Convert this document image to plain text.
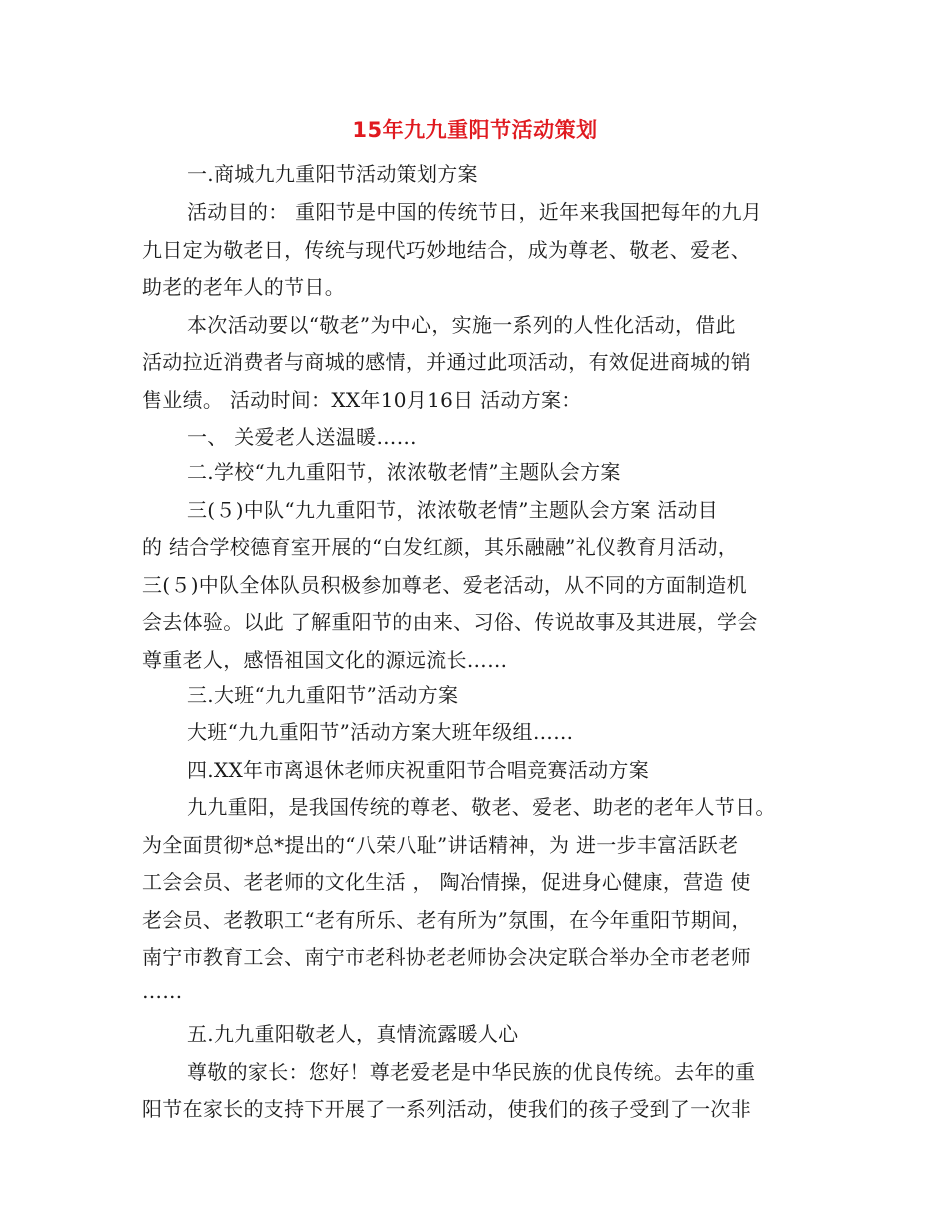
15年九九重阳节活动策划
一.商城九九重阳节活动策划方案
活动目的： 重阳节是中国的传统节日，近年来我国把每年的九月
九日定为敬老日，传统与现代巧妙地结合，成为尊老、敬老、爱老、
助老的老年人的节日。
本次活动要以“敬老”为中心，实施一系列的人性化活动，借此
活动拉近消费者与商城的感情，并通过此项活动，有效促进商城的销
售业绩。 活动时间：XX年10月16日 活动方案：
一、 关爱老人送温暖……
二.学校“九九重阳节，浓浓敬老情”主题队会方案
三(５)中队“九九重阳节，浓浓敬老情”主题队会方案 活动目
的 结合学校德育室开展的“白发红颜，其乐融融”礼仪教育月活动，
三(５)中队全体队员积极参加尊老、爱老活动，从不同的方面制造机
会去体验。以此 了解重阳节的由来、习俗、传说故事及其进展，学会
尊重老人，感悟祖国文化的源远流长……
三.大班“九九重阳节”活动方案
大班“九九重阳节”活动方案大班年级组……
四.XX年市离退休老师庆祝重阳节合唱竞赛活动方案
九九重阳，是我国传统的尊老、敬老、爱老、助老的老年人节日。
为全面贯彻*总*提出的“八荣八耻”讲话精神，为 进一步丰富活跃老
工会会员、老老师的文化生活 ， 陶冶情操，促进身心健康，营造 使
老会员、老教职工“老有所乐、老有所为”氛围，在今年重阳节期间，
南宁市教育工会、南宁市老科协老老师协会决定联合举办全市老老师
……
五.九九重阳敬老人，真情流露暖人心
尊敬的家长：您好！尊老爱老是中华民族的优良传统。去年的重
阳节在家长的支持下开展了一系列活动，使我们的孩子受到了一次非
